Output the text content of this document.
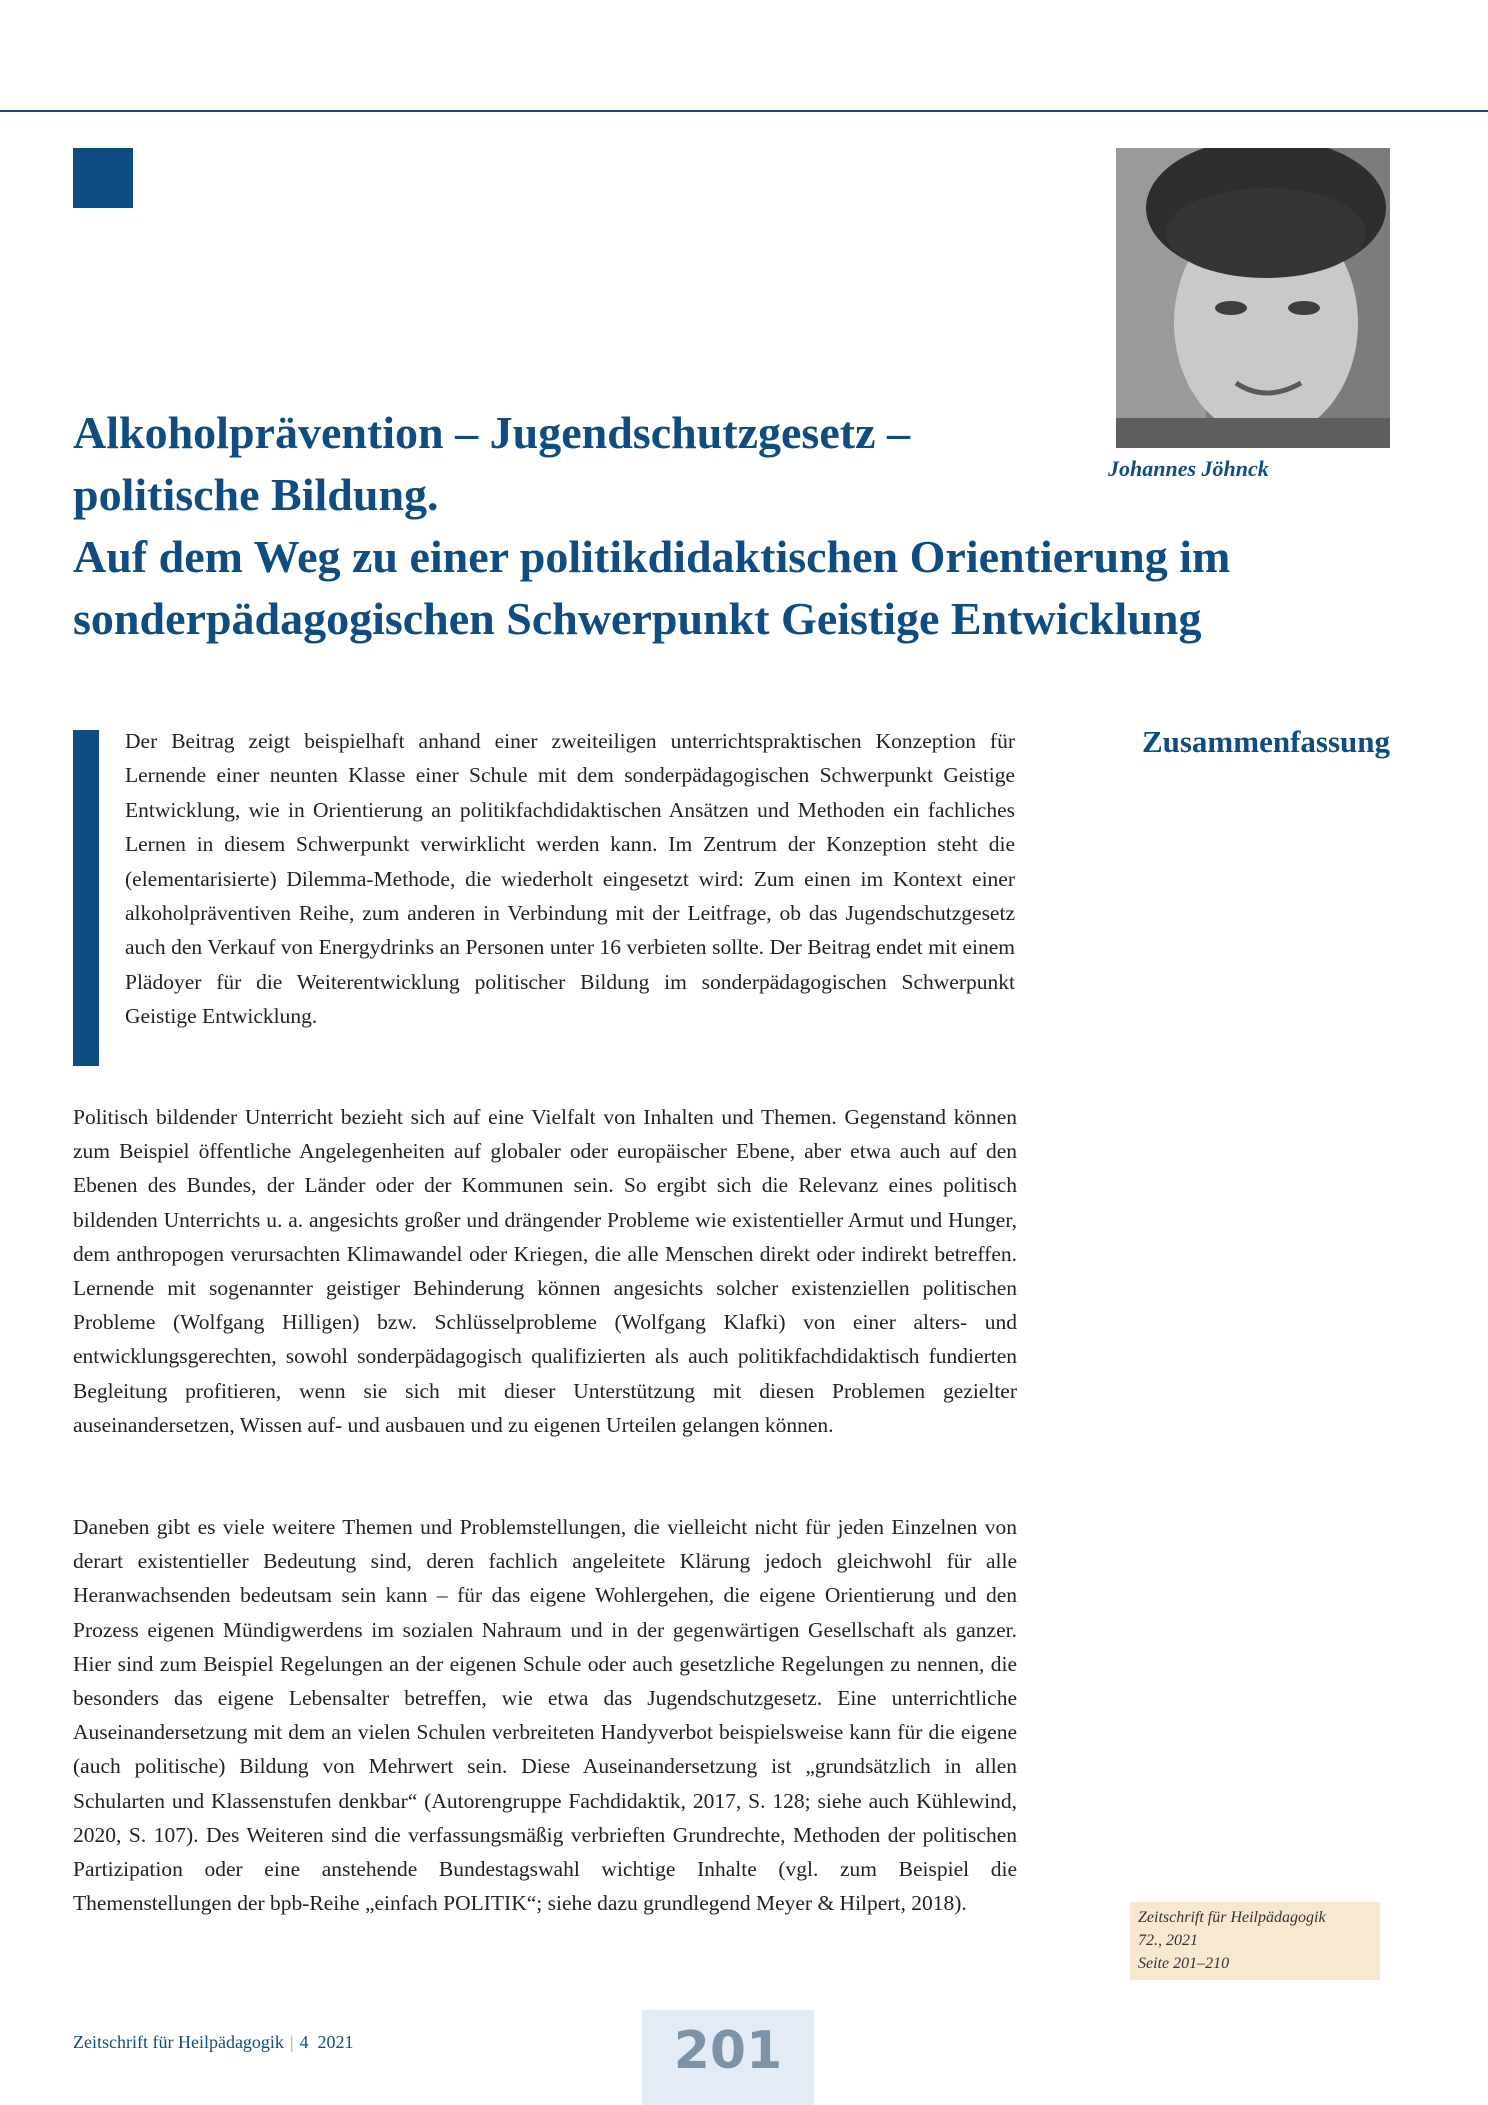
Johannes Jöhnck
Alkoholprävention – Jugendschutzgesetz –
politische Bildung.
Auf dem Weg zu einer politikdidaktischen Orientierung im
sonderpädagogischen Schwerpunkt Geistige Entwicklung
Der Beitrag zeigt beispielhaft anhand einer zweiteiligen unterrichtspraktischen Konzeption für Lernende einer neunten Klasse einer Schule mit dem sonderpädagogischen Schwerpunkt Geistige Entwicklung, wie in Orientierung an politikfachdidaktischen Ansätzen und Methoden ein fachliches Lernen in diesem Schwerpunkt verwirklicht werden kann. Im Zentrum der Konzeption steht die (elementarisierte) Dilemma-Methode, die wiederholt eingesetzt wird: Zum einen im Kontext einer alkoholpräventiven Reihe, zum anderen in Verbindung mit der Leitfrage, ob das Jugendschutzgesetz auch den Verkauf von Energydrinks an Personen unter 16 verbieten sollte. Der Beitrag endet mit einem Plädoyer für die Weiterentwicklung politischer Bildung im sonderpädagogischen Schwerpunkt Geistige Entwicklung.
Zusammenfassung
Politisch bildender Unterricht bezieht sich auf eine Vielfalt von Inhalten und Themen. Gegenstand können zum Beispiel öffentliche Angelegenheiten auf globaler oder europäischer Ebene, aber etwa auch auf den Ebenen des Bundes, der Länder oder der Kommunen sein. So ergibt sich die Relevanz eines politisch bildenden Unterrichts u. a. angesichts großer und drängender Probleme wie existentieller Armut und Hunger, dem anthropogen verursachten Klimawandel oder Kriegen, die alle Menschen direkt oder indirekt betreffen. Lernende mit sogenannter geistiger Behinderung können angesichts solcher existenziellen politischen Probleme (Wolfgang Hilligen) bzw. Schlüsselprobleme (Wolfgang Klafki) von einer alters- und entwicklungsgerechten, sowohl sonderpädagogisch qualifizierten als auch politikfachdidaktisch fundierten Begleitung profitieren, wenn sie sich mit dieser Unterstützung mit diesen Problemen gezielter auseinandersetzen, Wissen auf- und ausbauen und zu eigenen Urteilen gelangen können.
Daneben gibt es viele weitere Themen und Problemstellungen, die vielleicht nicht für jeden Einzelnen von derart existentieller Bedeutung sind, deren fachlich angeleitete Klärung jedoch gleichwohl für alle Heranwachsenden bedeutsam sein kann – für das eigene Wohlergehen, die eigene Orientierung und den Prozess eigenen Mündigwerdens im sozialen Nahraum und in der gegenwärtigen Gesellschaft als ganzer. Hier sind zum Beispiel Regelungen an der eigenen Schule oder auch gesetzliche Regelungen zu nennen, die besonders das eigene Lebensalter betreffen, wie etwa das Jugendschutzgesetz. Eine unterrichtliche Auseinandersetzung mit dem an vielen Schulen verbreiteten Handyverbot beispielsweise kann für die eigene (auch politische) Bildung von Mehrwert sein. Diese Auseinandersetzung ist „grundsätzlich in allen Schularten und Klassenstufen denkbar“ (Autorengruppe Fachdidaktik, 2017, S. 128; siehe auch Kühlewind, 2020, S. 107). Des Weiteren sind die verfassungsmäßig verbrieften Grundrechte, Methoden der politischen Partizipation oder eine anstehende Bundestagswahl wichtige Inhalte (vgl. zum Beispiel die Themenstellungen der bpb-Reihe „einfach POLITIK“; siehe dazu grundlegend Meyer & Hilpert, 2018).
Zeitschrift für Heilpädagogik
72., 2021
Seite 201–210
Zeitschrift für Heilpädagogik | 4 2021	201
